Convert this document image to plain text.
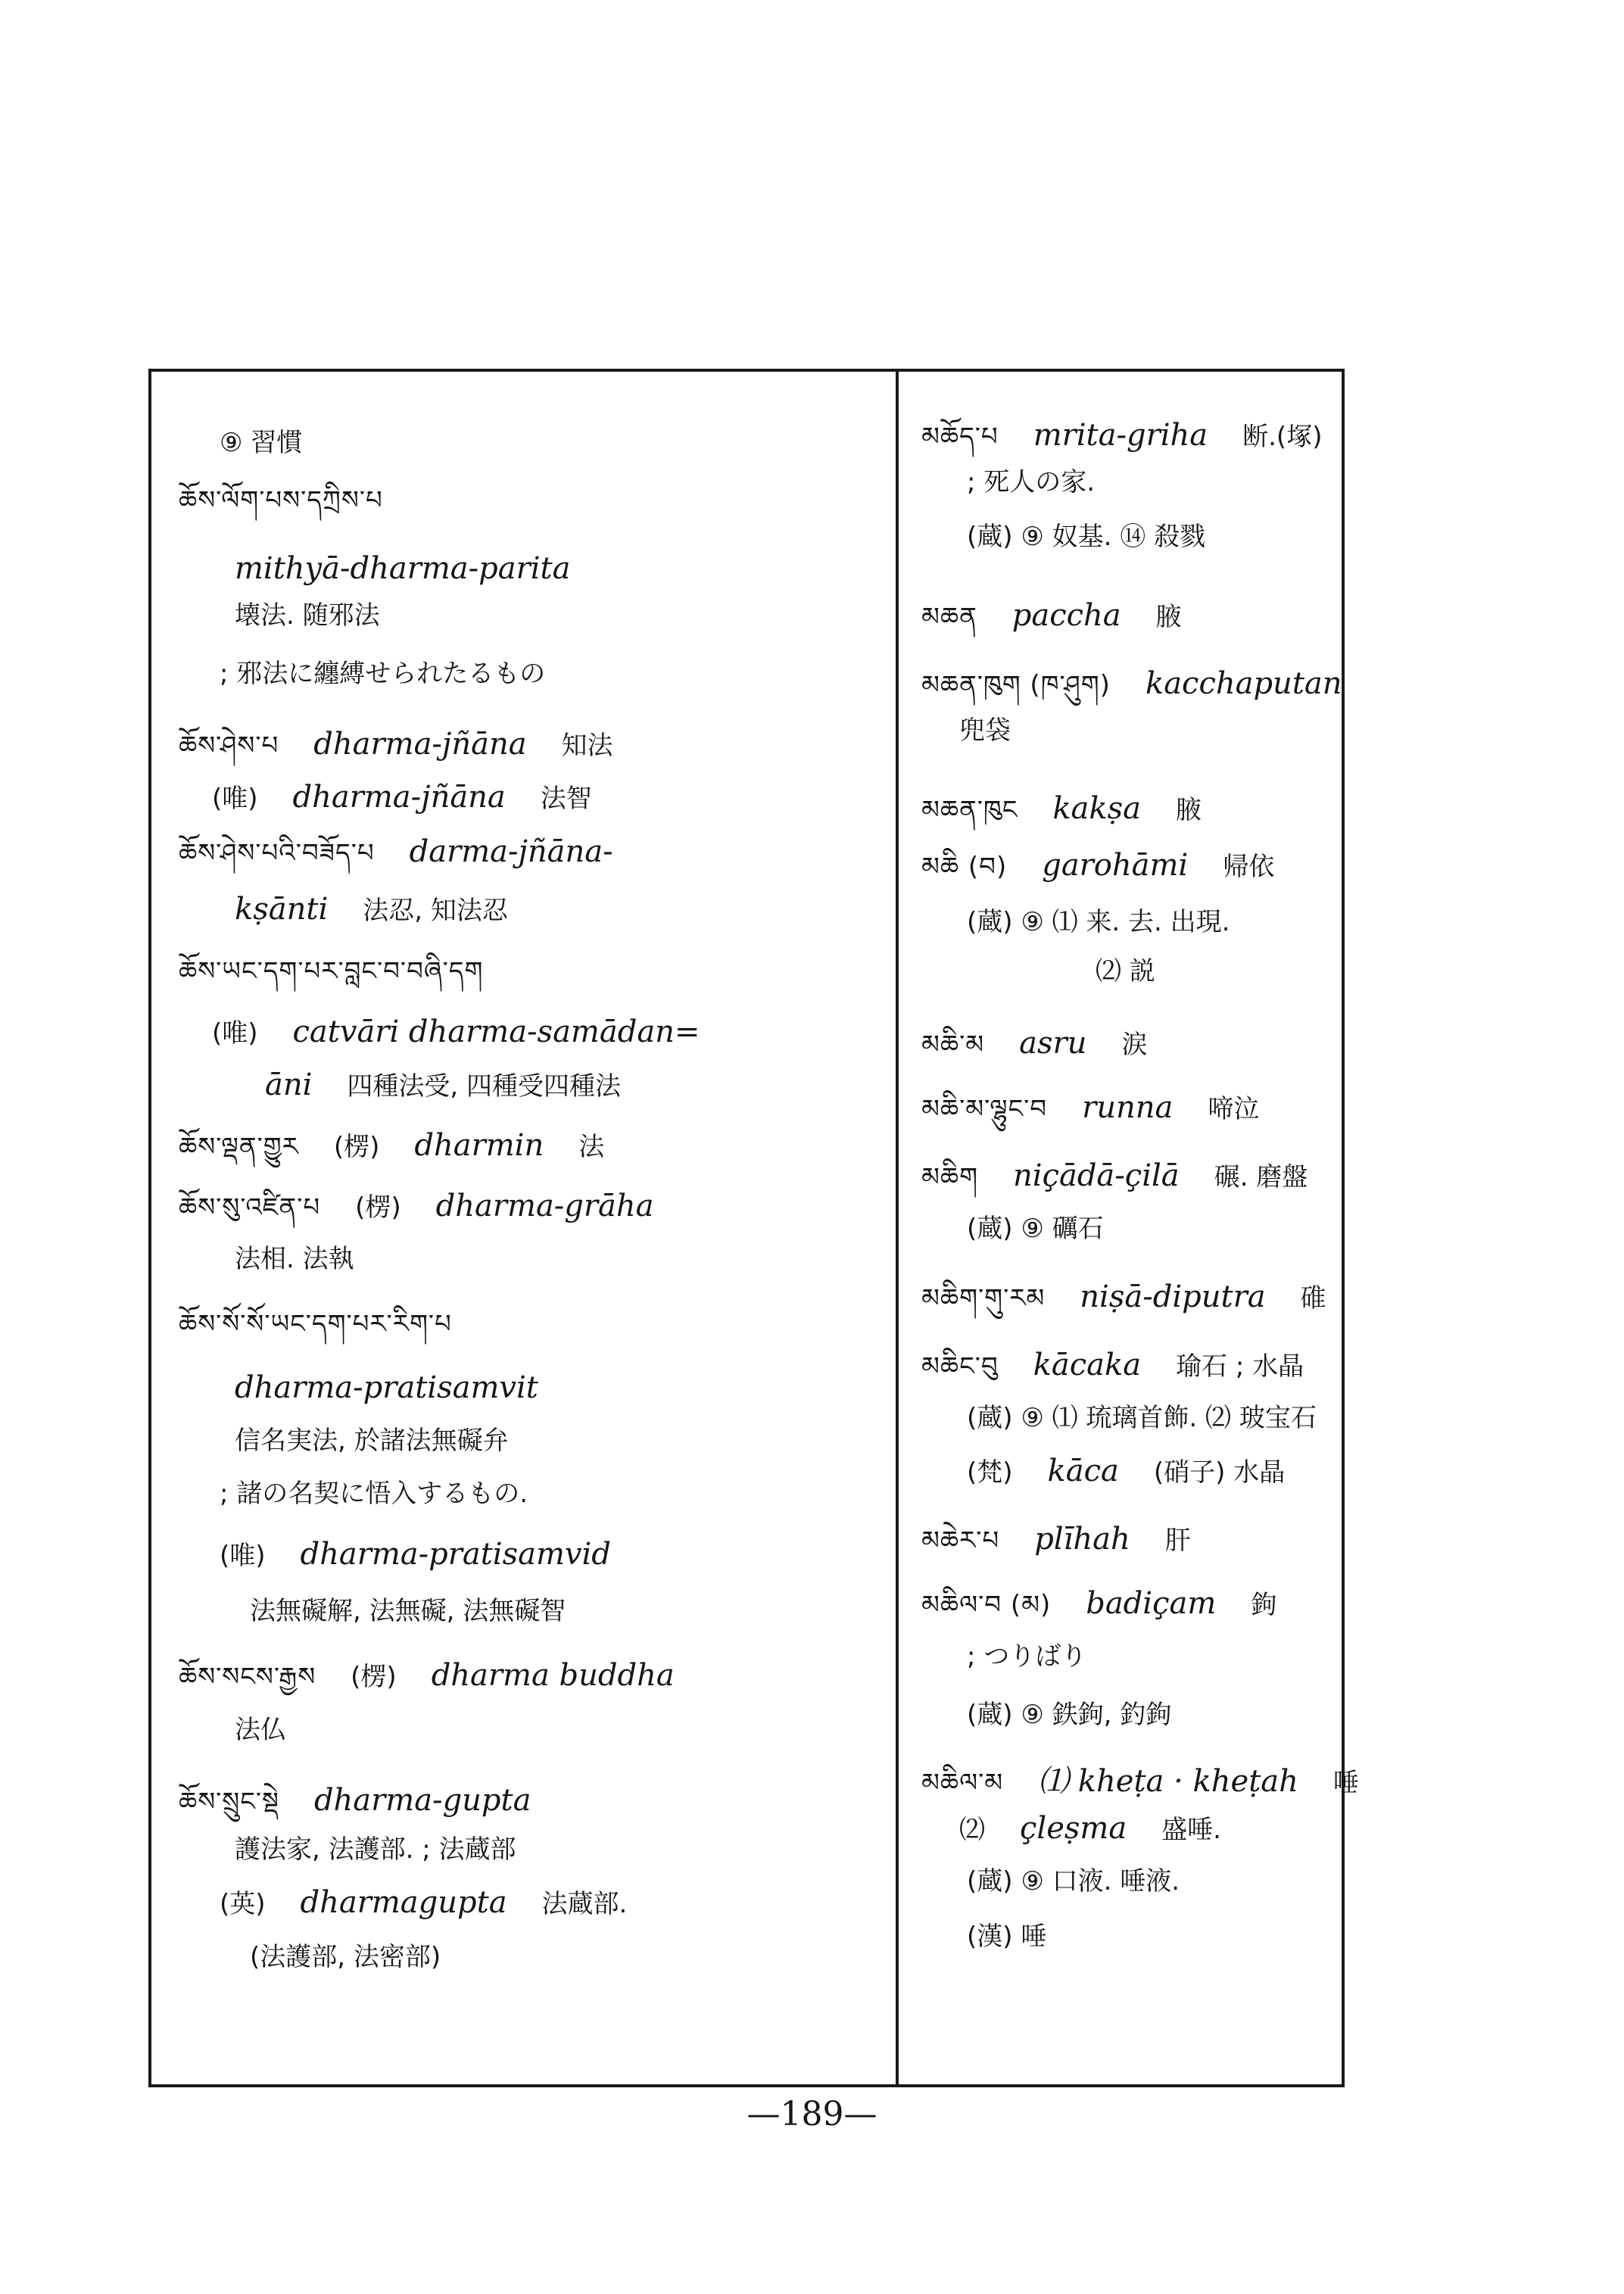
⑨ 習慣
ཆོས་ལོག་པས་དཀྲིས་པ
mithyā-dharma-parita
壊法. 随邪法
; 邪法に纏縛せられたるもの
ཆོས་ཤེས་པ dharma-jñāna 知法
(唯) dharma-jñāna 法智
ཆོས་ཤེས་པའི་བཟོད་པ darma-jñāna-
kṣānti 法忍, 知法忍
ཆོས་ཡང་དག་པར་བླང་བ་བཞི་དག
(唯) catvāri dharma-samādan=
āni 四種法受, 四種受四種法
ཆོས་ལྡན་གྱུར (楞) dharmin 法
ཆོས་སུ་འཛིན་པ (楞) dharma-grāha
法相. 法執
ཆོས་སོ་སོ་ཡང་དག་པར་རིག་པ
dharma-pratisamvit
信名実法, 於諸法無礙弁
; 諸の名契に悟入するもの.
(唯) dharma-pratisamvid
法無礙解, 法無礙, 法無礙智
ཆོས་སངས་རྒྱས (楞) dharma buddha
法仏
ཆོས་སྲུང་སྡེ dharma-gupta
護法家, 法護部. ; 法蔵部
(英) dharmagupta 法蔵部.
(法護部, 法密部)
མཆོད་པ mrita-griha 断.(塚)
; 死人の家.
(蔵) ⑨ 奴基. ⑭ 殺戮
མཆན paccha 腋
མཆན་ཁུག (ཁ་ཤུག) kacchaputan
兜袋
མཆན་ཁུང kakṣa 腋
མཆི (བ) garohāmi 帰依
(蔵) ⑨ ⑴ 来. 去. 出現.
⑵ 説
མཆི་མ asru 涙
མཆི་མ་ལྷུང་བ runna 啼泣
མཆིག niçādā-çilā 碾. 磨盤
(蔵) ⑨ 礪石
མཆིག་གུ་རམ niṣā-diputra 碓
མཆིང་བུ kācaka 瑜石 ; 水晶
(蔵) ⑨ ⑴ 琉璃首飾. ⑵ 玻宝石
(梵) kāca (硝子) 水晶
མཆེར་པ plīhah 肝
མཆིལ་བ (མ) badiçam 鉤
; つりばり
(蔵) ⑨ 鉄鉤, 釣鉤
མཆིལ་མ ⑴ kheṭa · kheṭah 唾
⑵ çleṣma 盛唾.
(蔵) ⑨ 口液. 唾液.
(漢) 唾
—189—
